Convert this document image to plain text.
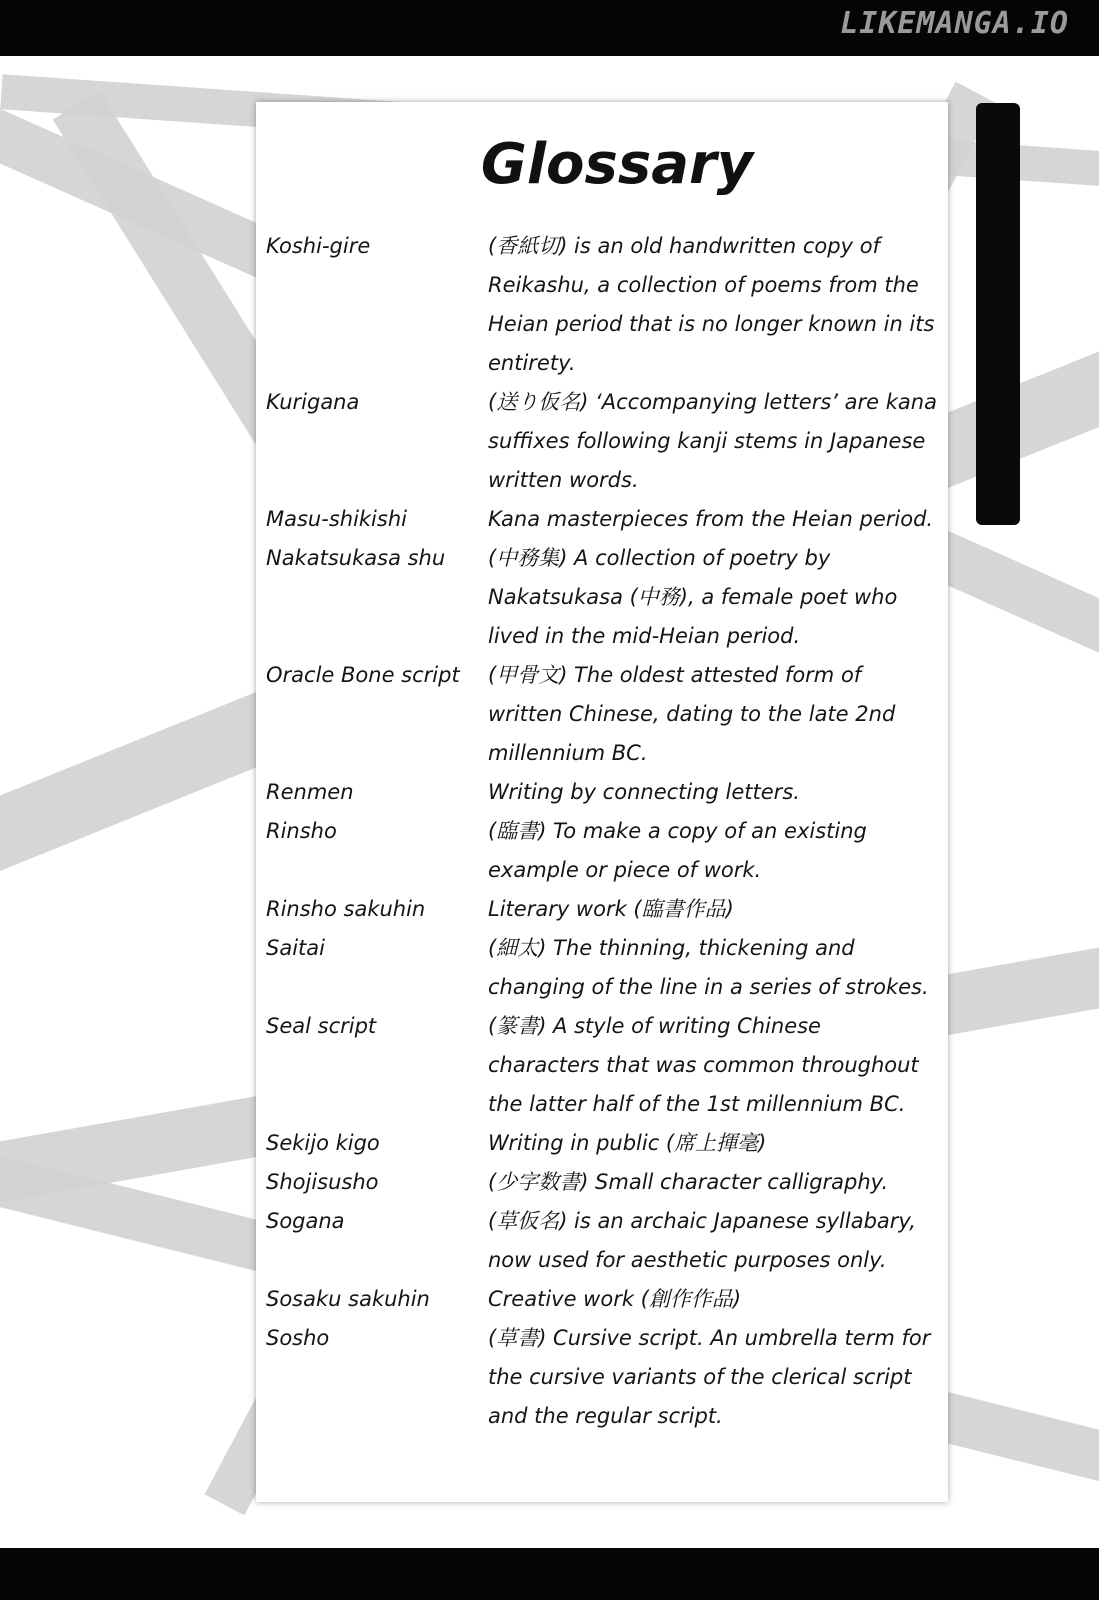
LIKEMANGA.IO
Glossary
Koshi-gire	(香紙切) is an old handwritten copy of Reikashu, a collection of poems from the Heian period that is no longer known in its entirety.
Kurigana	(送り仮名) ‘Accompanying letters’ are kana suffixes following kanji stems in Japanese written words.
Masu-shikishi	Kana masterpieces from the Heian period.
Nakatsukasa shu	(中務集) A collection of poetry by Nakatsukasa (中務), a female poet who lived in the mid-Heian period.
Oracle Bone script	(甲骨文) The oldest attested form of written Chinese, dating to the late 2nd millennium BC.
Renmen	Writing by connecting letters.
Rinsho	(臨書) To make a copy of an existing example or piece of work.
Rinsho sakuhin	Literary work (臨書作品)
Saitai	(細太) The thinning, thickening and changing of the line in a series of strokes.
Seal script	(篆書) A style of writing Chinese characters that was common throughout the latter half of the 1st millennium BC.
Sekijo kigo	Writing in public (席上揮毫)
Shojisusho	(少字数書) Small character calligraphy.
Sogana	(草仮名) is an archaic Japanese syllabary, now used for aesthetic purposes only.
Sosaku sakuhin	Creative work (創作作品)
Sosho	(草書) Cursive script. An umbrella term for the cursive variants of the clerical script and the regular script.
